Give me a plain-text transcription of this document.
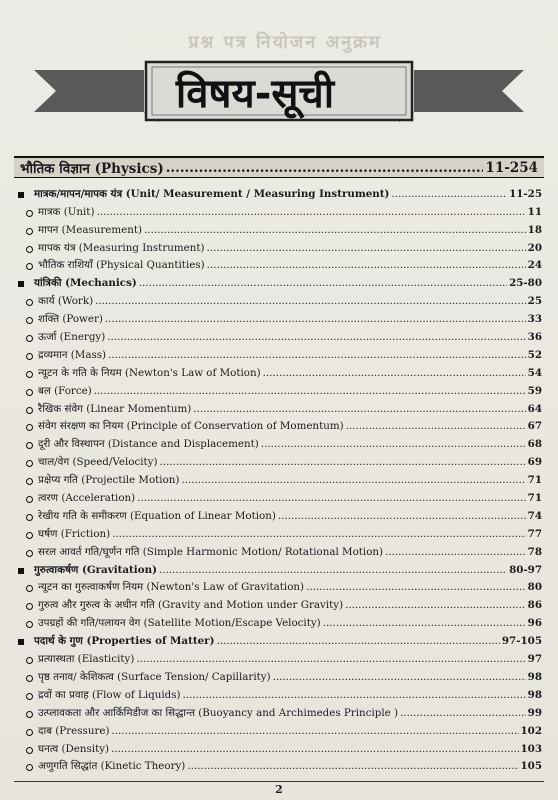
प्रश्न पत्र नियोजन अनुक्रम
विषय-सूची
भौतिक विज्ञान (Physics) .....	11-254
मात्रक/मापन/मापक यंत्र (Unit/ Measurement / Measuring Instrument) .....	11-25
मात्रक (Unit) .....	11
मापन (Measurement) .....	18
मापक यंत्र (Measuring Instrument) .....	20
भौतिक राशियाँ (Physical Quantities) .....	24
यांत्रिकी (Mechanics) .....	25-80
कार्य (Work) .....	25
शक्ति (Power) .....	33
ऊर्जा (Energy) .....	36
द्रव्यमान (Mass) .....	52
न्यूटन के गति के नियम (Newton's Law of Motion) .....	54
बल (Force) .....	59
रैखिक संवेग (Linear Momentum) .....	64
संवेग संरक्षण का नियम (Principle of Conservation of Momentum) .....	67
दूरी और विस्थापन (Distance and Displacement) .....	68
चाल/वेग (Speed/Velocity) .....	69
प्रक्षेप्य गति (Projectile Motion) .....	71
त्वरण (Acceleration) .....	71
रेखीय गति के समीकरण (Equation of Linear Motion) .....	74
घर्षण (Friction) .....	77
सरल आवर्त गति/घूर्णन गति (Simple Harmonic Motion/ Rotational Motion) .....	78
गुरुत्वाकर्षण (Gravitation) .....	80-97
न्यूटन का गुरुत्वाकर्षण नियम (Newton's Law of Gravitation) .....	80
गुरुत्व और गुरुत्व के अधीन गति (Gravity and Motion under Gravity) .....	86
उपग्रहों की गति/पलायन वेग (Satellite Motion/Escape Velocity) .....	96
पदार्थ के गुण (Properties of Matter) .....	97-105
प्रत्यास्थता (Elasticity) .....	97
पृष्ठ तनाव/ केशिकत्व (Surface Tension/ Capillarity) .....	98
द्रवों का प्रवाह (Flow of Liquids) .....	98
उत्प्लावकता और आर्किमिडीज का सिद्धान्त (Buoyancy and Archimedes Principle ) .....	99
दाब (Pressure) .....	102
घनत्व (Density) .....	103
अणुगति सिद्धांत (Kinetic Theory) .....	105
2
